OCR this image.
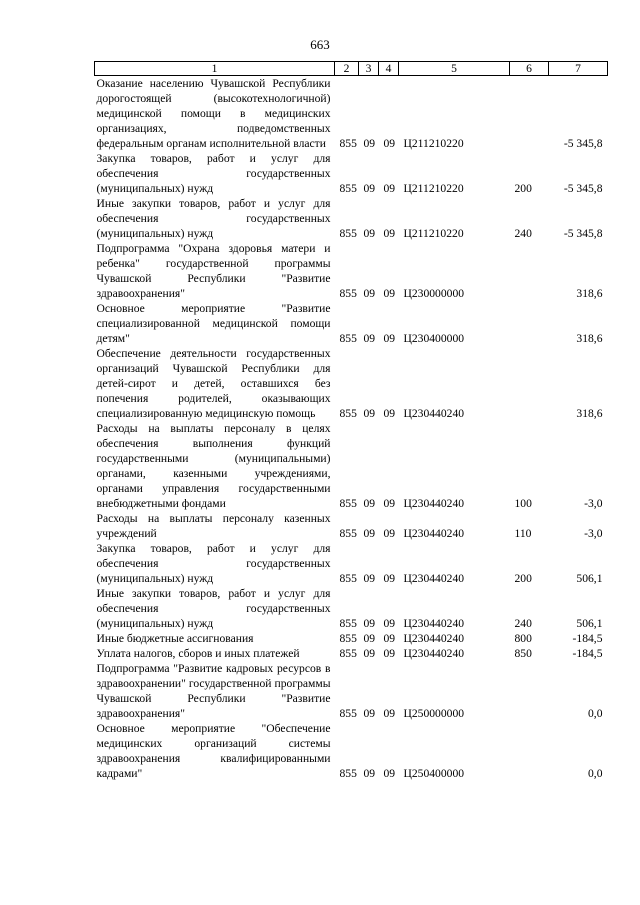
663
1	2	3	4	5	6	7
Оказание населению Чувашской Республики дорогостоящей (высокотехнологичной) медицинской помощи в медицинских организациях, подведомственных федеральным органам исполнительной власти	855	09	09	Ц211210220		-5 345,8
Закупка товаров, работ и услуг для обеспечения государственных (муниципальных) нужд	855	09	09	Ц211210220	200	-5 345,8
Иные закупки товаров, работ и услуг для обеспечения государственных (муниципальных) нужд	855	09	09	Ц211210220	240	-5 345,8
Подпрограмма "Охрана здоровья матери и ребенка" государственной программы Чувашской Республики "Развитие здравоохранения"	855	09	09	Ц230000000		318,6
Основное мероприятие "Развитие специализированной медицинской помощи детям"	855	09	09	Ц230400000		318,6
Обеспечение деятельности государственных организаций Чувашской Республики для детей-сирот и детей, оставшихся без попечения родителей, оказывающих специализированную медицинскую помощь	855	09	09	Ц230440240		318,6
Расходы на выплаты персоналу в целях обеспечения выполнения функций государственными (муниципальными) органами, казенными учреждениями, органами управления государственными внебюджетными фондами	855	09	09	Ц230440240	100	-3,0
Расходы на выплаты персоналу казенных учреждений	855	09	09	Ц230440240	110	-3,0
Закупка товаров, работ и услуг для обеспечения государственных (муниципальных) нужд	855	09	09	Ц230440240	200	506,1
Иные закупки товаров, работ и услуг для обеспечения государственных (муниципальных) нужд	855	09	09	Ц230440240	240	506,1
Иные бюджетные ассигнования	855	09	09	Ц230440240	800	-184,5
Уплата налогов, сборов и иных платежей	855	09	09	Ц230440240	850	-184,5
Подпрограмма "Развитие кадровых ресурсов в здравоохранении" государственной программы Чувашской Республики "Развитие здравоохранения"	855	09	09	Ц250000000		0,0
Основное мероприятие "Обеспечение медицинских организаций системы здравоохранения квалифицированными кадрами"	855	09	09	Ц250400000		0,0
